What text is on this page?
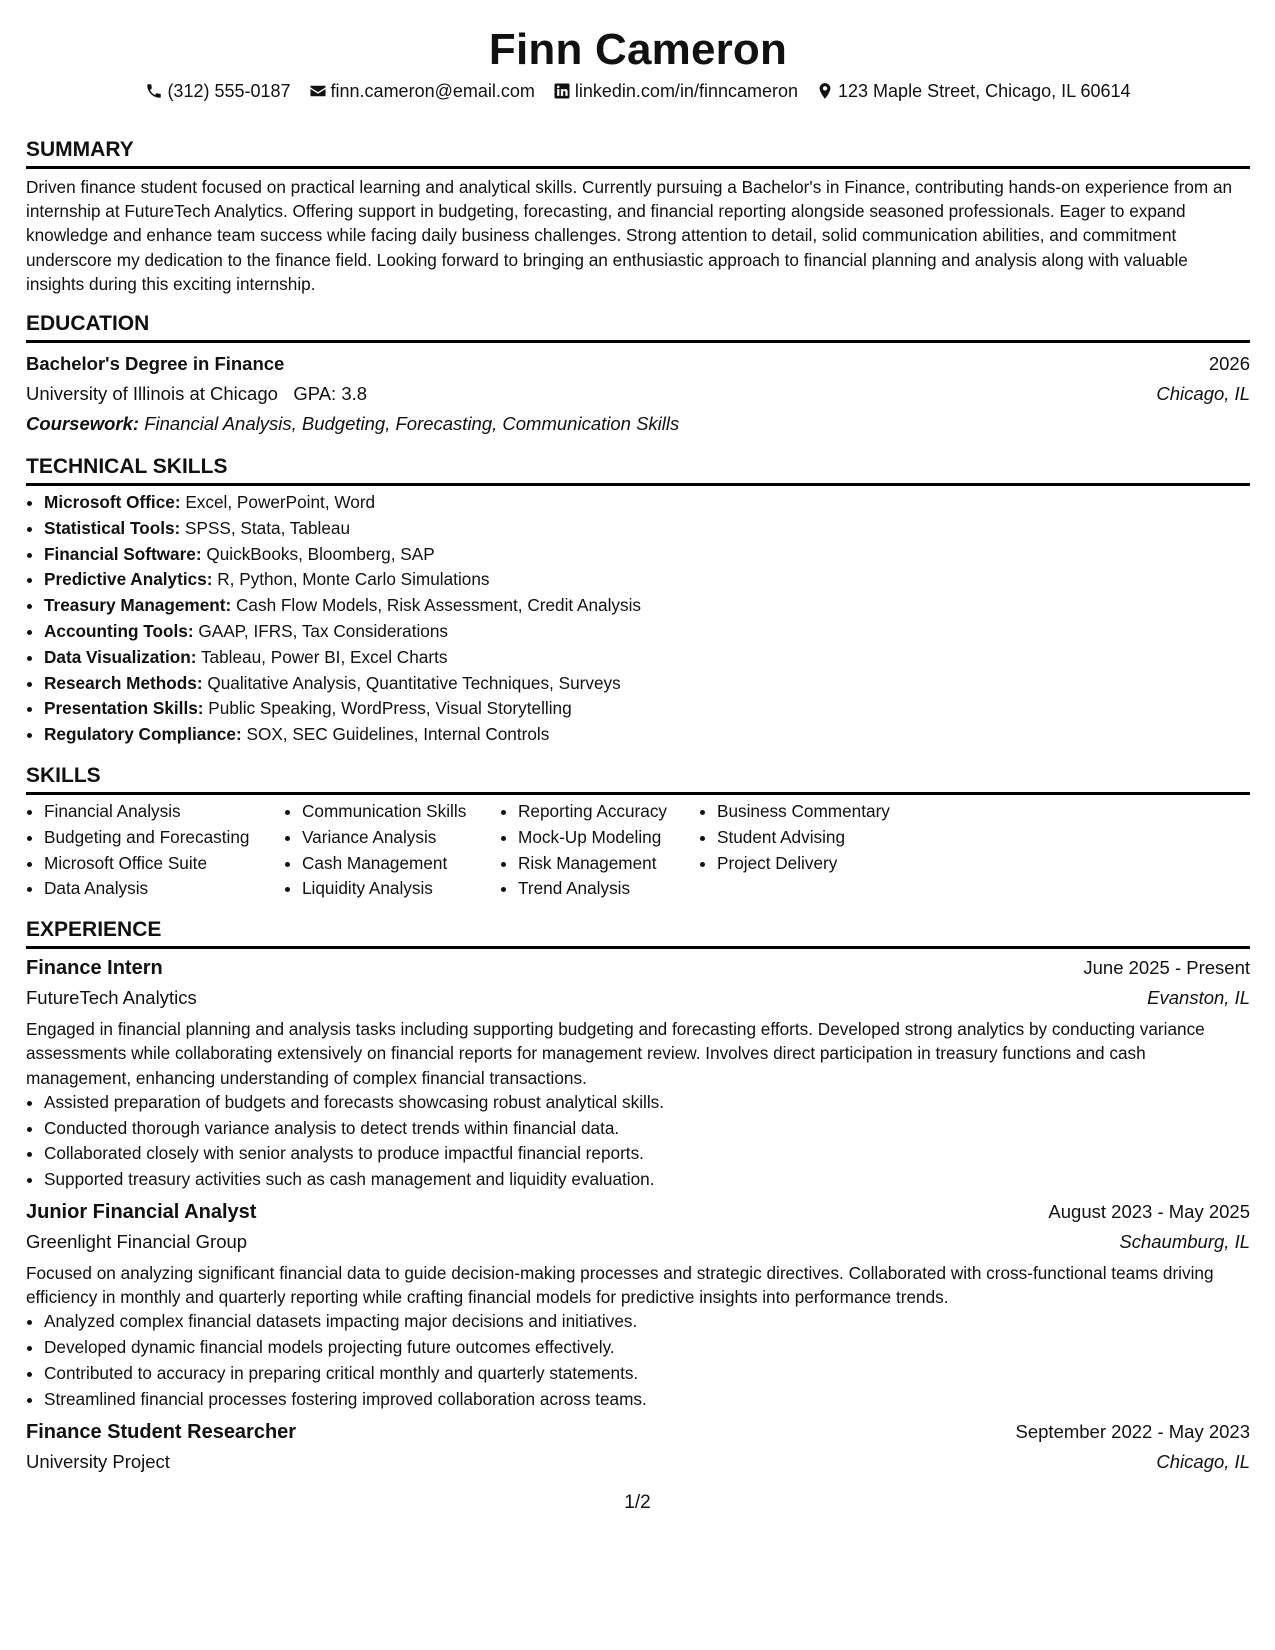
Finn Cameron
(312) 555-0187 finn.cameron@email.com linkedin.com/in/finncameron 123 Maple Street, Chicago, IL 60614
SUMMARY
Driven finance student focused on practical learning and analytical skills. Currently pursuing a Bachelor's in Finance, contributing hands-on experience from an internship at FutureTech Analytics. Offering support in budgeting, forecasting, and financial reporting alongside seasoned professionals. Eager to expand knowledge and enhance team success while facing daily business challenges. Strong attention to detail, solid communication abilities, and commitment underscore my dedication to the finance field. Looking forward to bringing an enthusiastic approach to financial planning and analysis along with valuable insights during this exciting internship.
EDUCATION
Bachelor's Degree in Finance	2026
University of Illinois at Chicago GPA: 3.8	Chicago, IL
Coursework: Financial Analysis, Budgeting, Forecasting, Communication Skills
TECHNICAL SKILLS
• Microsoft Office: Excel, PowerPoint, Word
• Statistical Tools: SPSS, Stata, Tableau
• Financial Software: QuickBooks, Bloomberg, SAP
• Predictive Analytics: R, Python, Monte Carlo Simulations
• Treasury Management: Cash Flow Models, Risk Assessment, Credit Analysis
• Accounting Tools: GAAP, IFRS, Tax Considerations
• Data Visualization: Tableau, Power BI, Excel Charts
• Research Methods: Qualitative Analysis, Quantitative Techniques, Surveys
• Presentation Skills: Public Speaking, WordPress, Visual Storytelling
• Regulatory Compliance: SOX, SEC Guidelines, Internal Controls
SKILLS
• Financial Analysis
• Budgeting and Forecasting
• Microsoft Office Suite
• Data Analysis
• Communication Skills
• Variance Analysis
• Cash Management
• Liquidity Analysis
• Reporting Accuracy
• Mock-Up Modeling
• Risk Management
• Trend Analysis
• Business Commentary
• Student Advising
• Project Delivery
EXPERIENCE
Finance Intern	June 2025 - Present
FutureTech Analytics	Evanston, IL
Engaged in financial planning and analysis tasks including supporting budgeting and forecasting efforts. Developed strong analytics by conducting variance assessments while collaborating extensively on financial reports for management review. Involves direct participation in treasury functions and cash management, enhancing understanding of complex financial transactions.
• Assisted preparation of budgets and forecasts showcasing robust analytical skills.
• Conducted thorough variance analysis to detect trends within financial data.
• Collaborated closely with senior analysts to produce impactful financial reports.
• Supported treasury activities such as cash management and liquidity evaluation.
Junior Financial Analyst	August 2023 - May 2025
Greenlight Financial Group	Schaumburg, IL
Focused on analyzing significant financial data to guide decision-making processes and strategic directives. Collaborated with cross-functional teams driving efficiency in monthly and quarterly reporting while crafting financial models for predictive insights into performance trends.
• Analyzed complex financial datasets impacting major decisions and initiatives.
• Developed dynamic financial models projecting future outcomes effectively.
• Contributed to accuracy in preparing critical monthly and quarterly statements.
• Streamlined financial processes fostering improved collaboration across teams.
Finance Student Researcher	September 2022 - May 2023
University Project	Chicago, IL
1/2
